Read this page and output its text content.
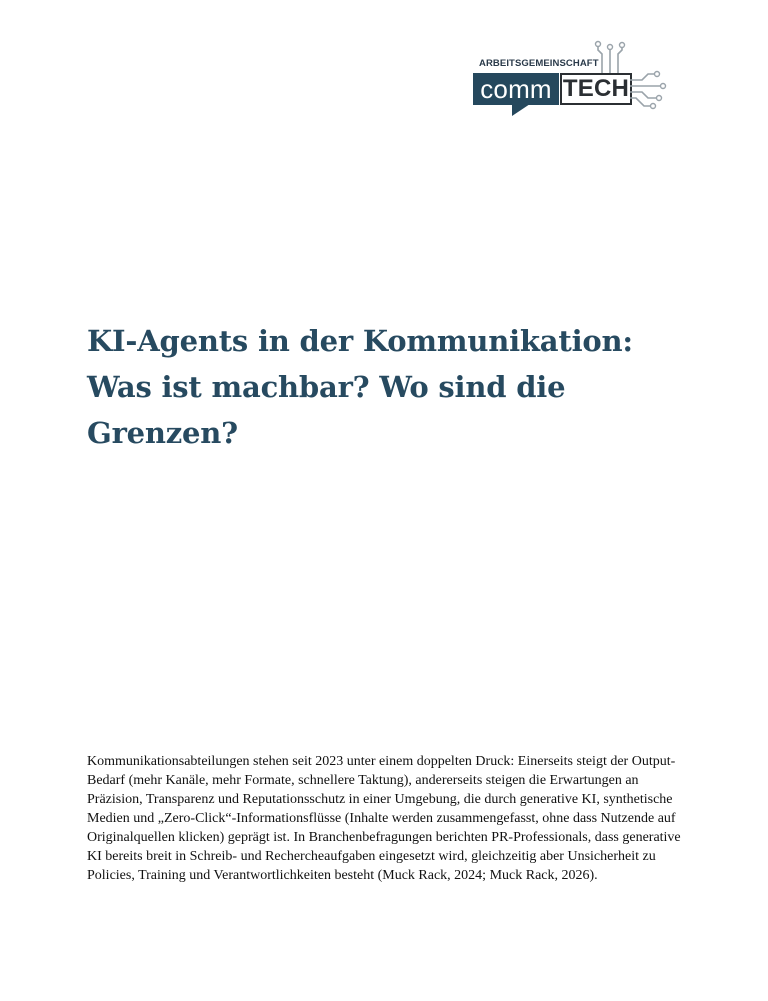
ARBEITSGEMEINSCHAFT
comm TECH
KI-Agents in der Kommunikation: Was ist machbar? Wo sind die Grenzen?

Kommunikationsabteilungen stehen seit 2023 unter einem doppelten Druck: Einerseits steigt der Output-Bedarf (mehr Kanäle, mehr Formate, schnellere Taktung), andererseits steigen die Erwartungen an Präzision, Transparenz und Reputationsschutz in einer Umgebung, die durch generative KI, synthetische Medien und „Zero-Click“-Informationsflüsse (Inhalte werden zusammengefasst, ohne dass Nutzende auf Originalquellen klicken) geprägt ist. In Branchenbefragungen berichten PR-Professionals, dass generative KI bereits breit in Schreib- und Rechercheaufgaben eingesetzt wird, gleichzeitig aber Unsicherheit zu Policies, Training und Verantwortlichkeiten besteht (Muck Rack, 2024; Muck Rack, 2026).
